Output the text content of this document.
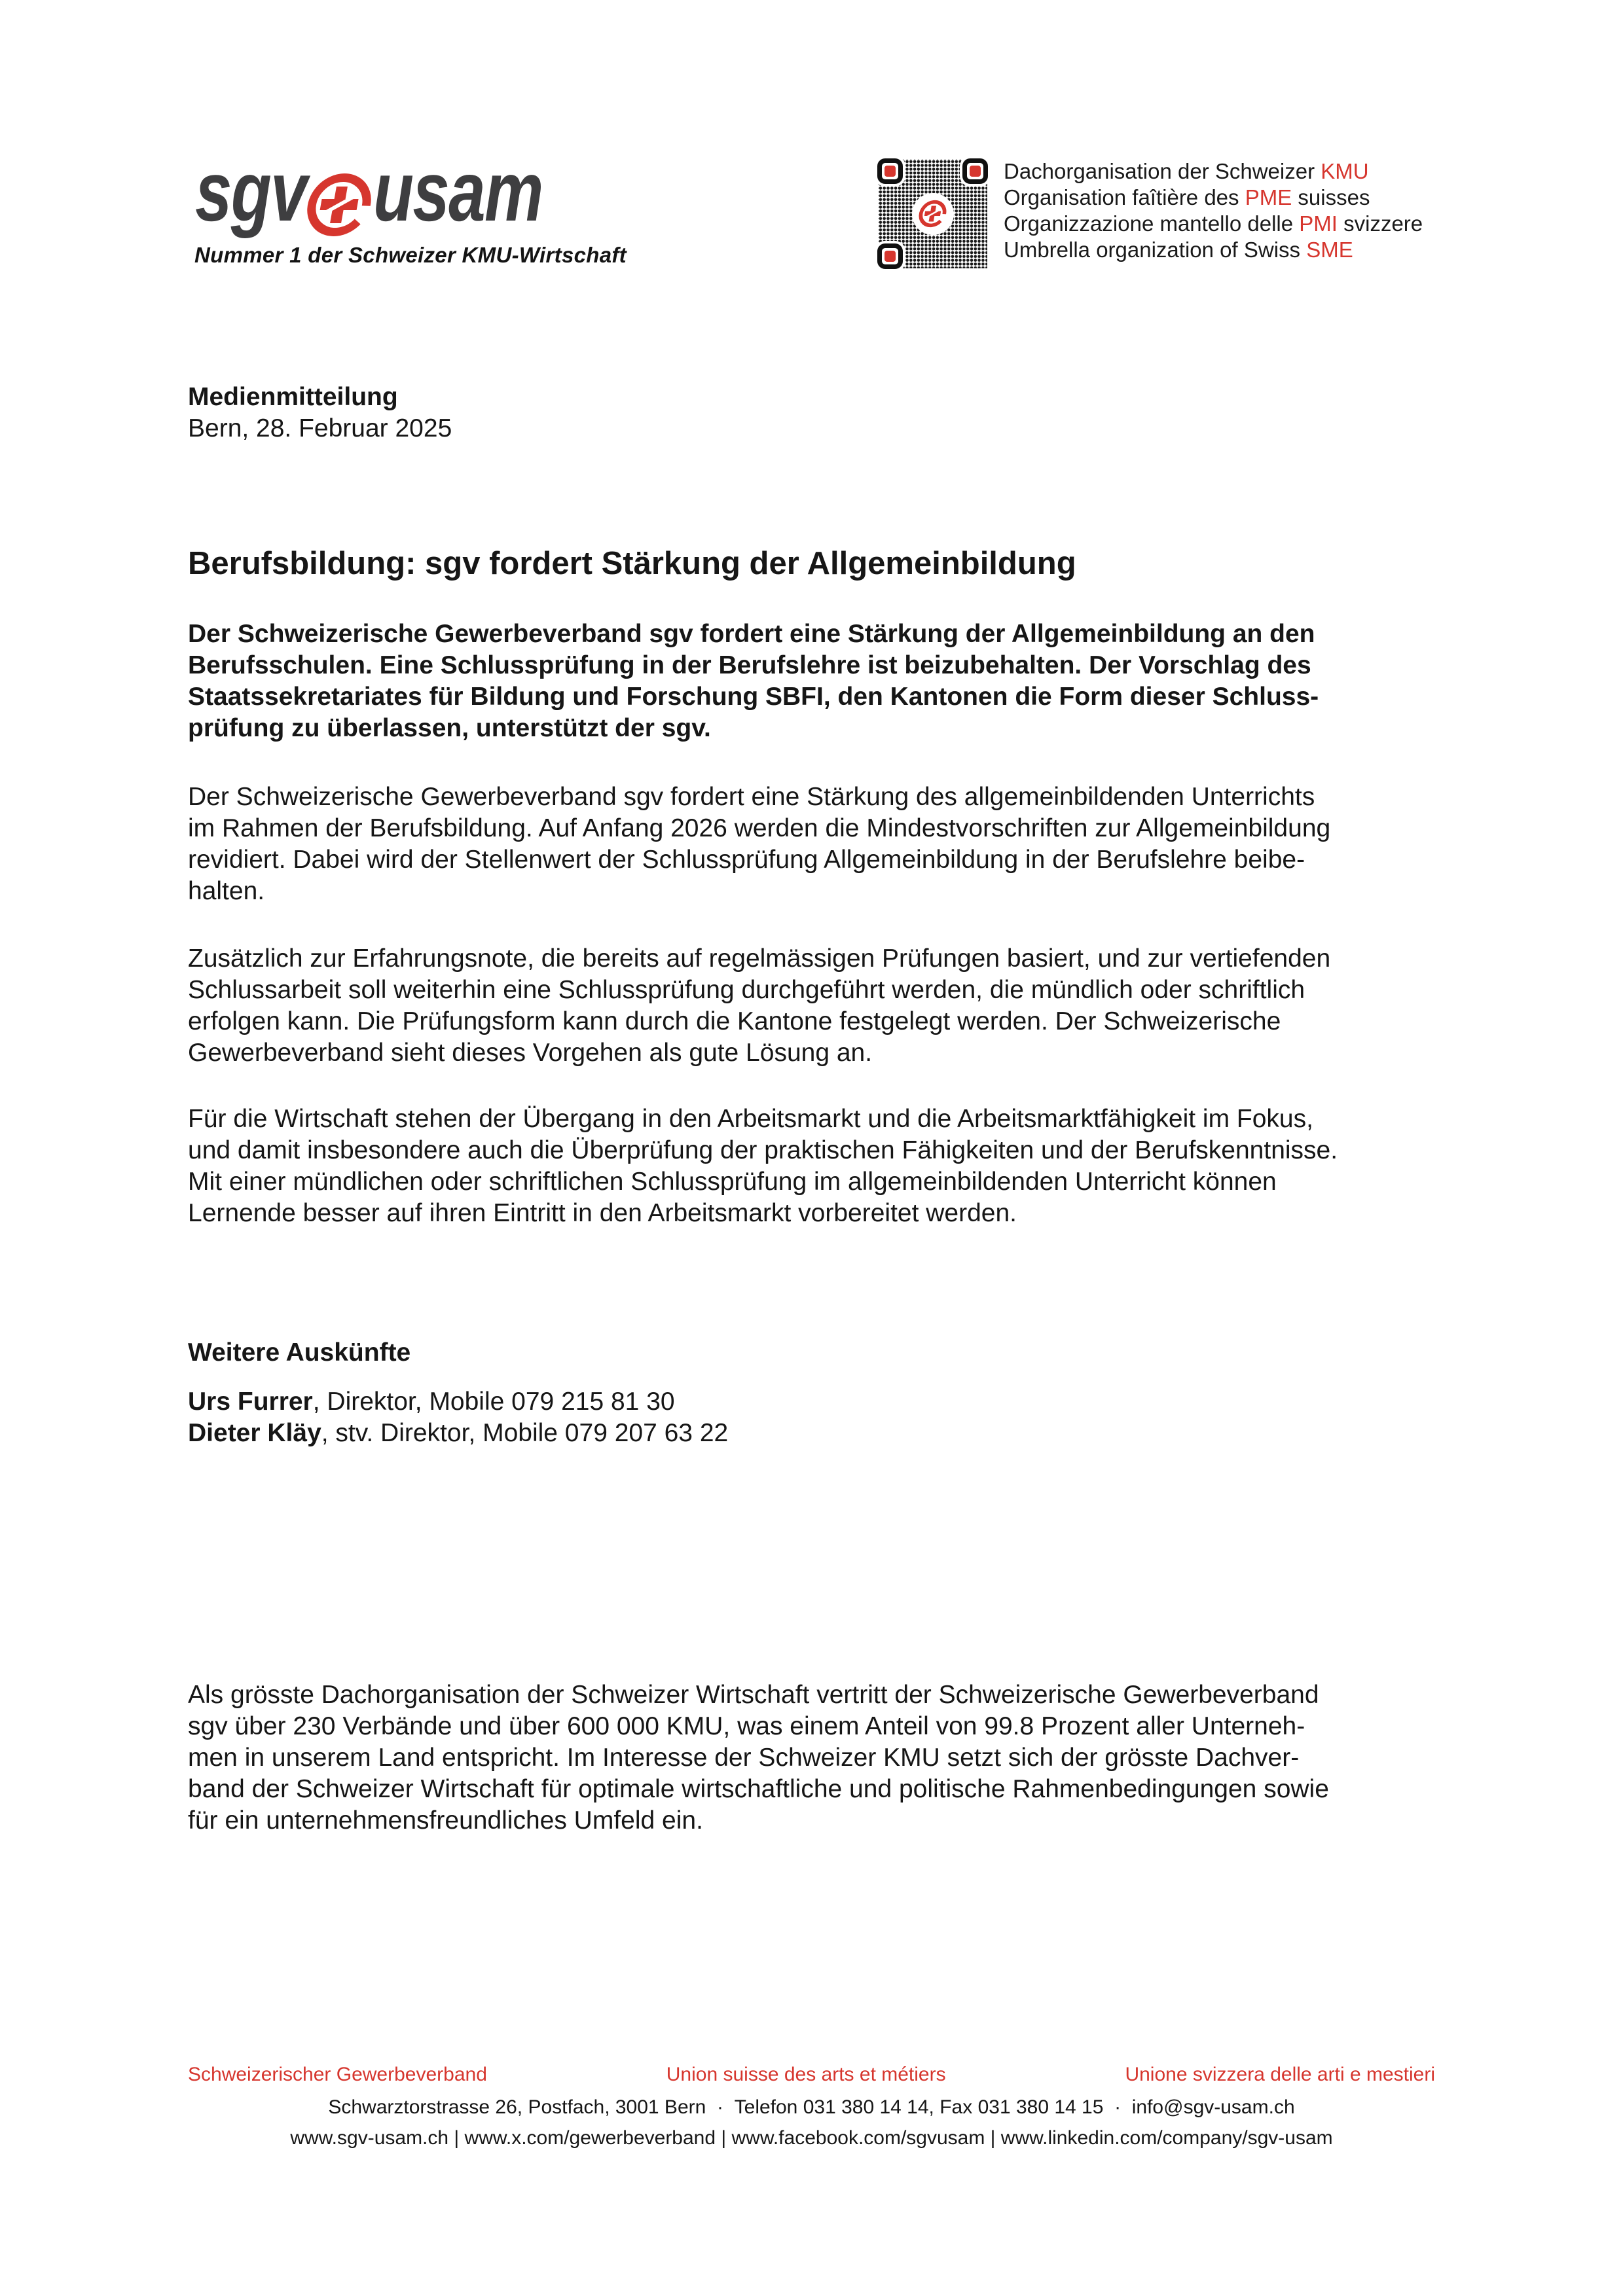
sgv usam
Nummer 1 der Schweizer KMU-Wirtschaft
Dachorganisation der Schweizer KMU
Organisation faîtière des PME suisses
Organizzazione mantello delle PMI svizzere
Umbrella organization of Swiss SME
Medienmitteilung
Bern, 28. Februar 2025
Berufsbildung: sgv fordert Stärkung der Allgemeinbildung
Der Schweizerische Gewerbeverband sgv fordert eine Stärkung der Allgemeinbildung an den
Berufsschulen. Eine Schlussprüfung in der Berufslehre ist beizubehalten. Der Vorschlag des
Staatssekretariates für Bildung und Forschung SBFI, den Kantonen die Form dieser Schluss-
prüfung zu überlassen, unterstützt der sgv.
Der Schweizerische Gewerbeverband sgv fordert eine Stärkung des allgemeinbildenden Unterrichts
im Rahmen der Berufsbildung. Auf Anfang 2026 werden die Mindestvorschriften zur Allgemeinbildung
revidiert. Dabei wird der Stellenwert der Schlussprüfung Allgemeinbildung in der Berufslehre beibe-
halten.
Zusätzlich zur Erfahrungsnote, die bereits auf regelmässigen Prüfungen basiert, und zur vertiefenden
Schlussarbeit soll weiterhin eine Schlussprüfung durchgeführt werden, die mündlich oder schriftlich
erfolgen kann. Die Prüfungsform kann durch die Kantone festgelegt werden. Der Schweizerische
Gewerbeverband sieht dieses Vorgehen als gute Lösung an.
Für die Wirtschaft stehen der Übergang in den Arbeitsmarkt und die Arbeitsmarktfähigkeit im Fokus,
und damit insbesondere auch die Überprüfung der praktischen Fähigkeiten und der Berufskenntnisse.
Mit einer mündlichen oder schriftlichen Schlussprüfung im allgemeinbildenden Unterricht können
Lernende besser auf ihren Eintritt in den Arbeitsmarkt vorbereitet werden.
Weitere Auskünfte
Urs Furrer, Direktor, Mobile 079 215 81 30
Dieter Kläy, stv. Direktor, Mobile 079 207 63 22
Als grösste Dachorganisation der Schweizer Wirtschaft vertritt der Schweizerische Gewerbeverband
sgv über 230 Verbände und über 600 000 KMU, was einem Anteil von 99.8 Prozent aller Unterneh-
men in unserem Land entspricht. Im Interesse der Schweizer KMU setzt sich der grösste Dachver-
band der Schweizer Wirtschaft für optimale wirtschaftliche und politische Rahmenbedingungen sowie
für ein unternehmensfreundliches Umfeld ein.
Schweizerischer Gewerbeverband	Union suisse des arts et métiers	Unione svizzera delle arti e mestieri
Schwarztorstrasse 26, Postfach, 3001 Bern  ·  Telefon 031 380 14 14, Fax 031 380 14 15  ·  info@sgv-usam.ch
www.sgv-usam.ch | www.x.com/gewerbeverband | www.facebook.com/sgvusam | www.linkedin.com/company/sgv-usam
